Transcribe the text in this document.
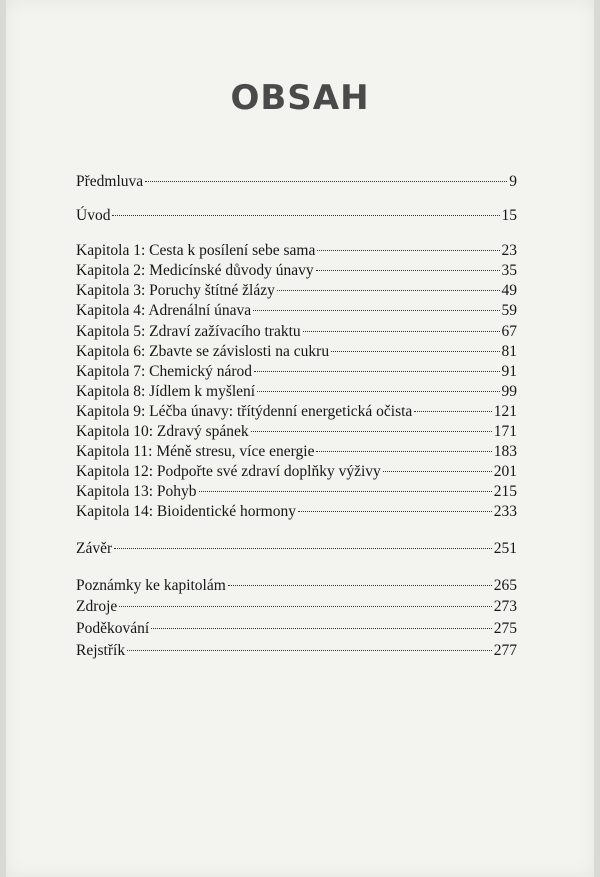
OBSAH
Předmluva	9
Úvod	15
Kapitola 1: Cesta k posílení sebe sama	23
Kapitola 2: Medicínské důvody únavy	35
Kapitola 3: Poruchy štítné žlázy	49
Kapitola 4: Adrenální únava	59
Kapitola 5: Zdraví zažívacího traktu	67
Kapitola 6: Zbavte se závislosti na cukru	81
Kapitola 7: Chemický národ	91
Kapitola 8: Jídlem k myšlení	99
Kapitola 9: Léčba únavy: třítýdenní energetická očista	121
Kapitola 10: Zdravý spánek	171
Kapitola 11: Méně stresu, více energie	183
Kapitola 12: Podpořte své zdraví doplňky výživy	201
Kapitola 13: Pohyb	215
Kapitola 14: Bioidentické hormony	233
Závěr	251
Poznámky ke kapitolám	265
Zdroje	273
Poděkování	275
Rejstřík	277
